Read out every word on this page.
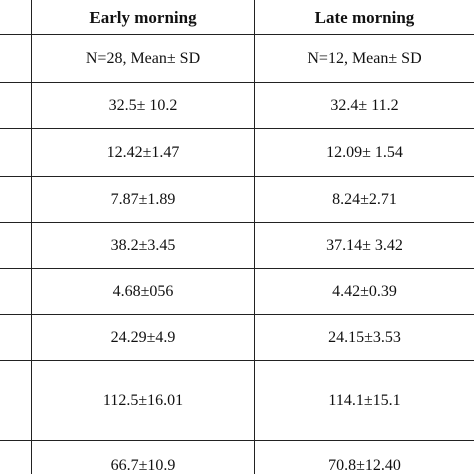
Early morning	Late morning
N=28, Mean± SD	N=12, Mean± SD
32.5± 10.2	32.4± 11.2
12.42±1.47	12.09± 1.54
7.87±1.89	8.24±2.71
38.2±3.45	37.14± 3.42
4.68±056	4.42±0.39
24.29±4.9	24.15±3.53
112.5±16.01	114.1±15.1
66.7±10.9	70.8±12.40
